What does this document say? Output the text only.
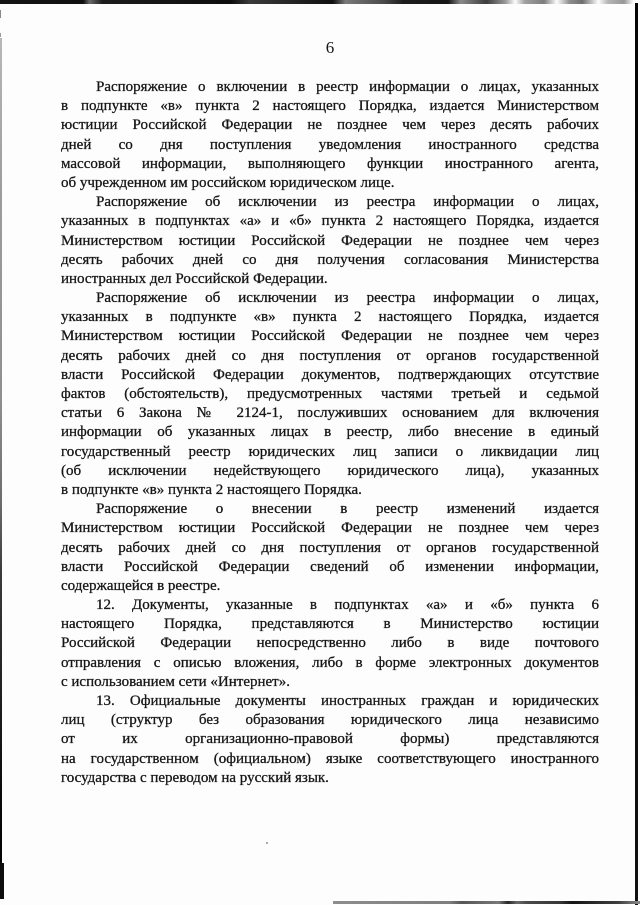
6
Распоряжение о включении в реестр информации о лицах, указанных
в подпункте «в» пункта 2 настоящего Порядка, издается Министерством
юстиции Российской Федерации не позднее чем через десять рабочих
дней со дня поступления уведомления иностранного средства
массовой информации, выполняющего функции иностранного агента,
об учрежденном им российском юридическом лице.
Распоряжение об исключении из реестра информации о лицах,
указанных в подпунктах «а» и «б» пункта 2 настоящего Порядка, издается
Министерством юстиции Российской Федерации не позднее чем через
десять рабочих дней со дня получения согласования Министерства
иностранных дел Российской Федерации.
Распоряжение об исключении из реестра информации о лицах,
указанных в подпункте «в» пункта 2 настоящего Порядка, издается
Министерством юстиции Российской Федерации не позднее чем через
десять рабочих дней со дня поступления от органов государственной
власти Российской Федерации документов, подтверждающих отсутствие
фактов (обстоятельств), предусмотренных частями третьей и седьмой
статьи 6 Закона № 2124-1, послуживших основанием для включения
информации об указанных лицах в реестр, либо внесение в единый
государственный реестр юридических лиц записи о ликвидации лиц
(об исключении недействующего юридического лица), указанных
в подпункте «в» пункта 2 настоящего Порядка.
Распоряжение о внесении в реестр изменений издается
Министерством юстиции Российской Федерации не позднее чем через
десять рабочих дней со дня поступления от органов государственной
власти Российской Федерации сведений об изменении информации,
содержащейся в реестре.
12. Документы, указанные в подпунктах «а» и «б» пункта 6
настоящего Порядка, представляются в Министерство юстиции
Российской Федерации непосредственно либо в виде почтового
отправления с описью вложения, либо в форме электронных документов
с использованием сети «Интернет».
13. Официальные документы иностранных граждан и юридических
лиц (структур без образования юридического лица независимо
от их организационно-правовой формы) представляются
на государственном (официальном) языке соответствующего иностранного
государства с переводом на русский язык.
